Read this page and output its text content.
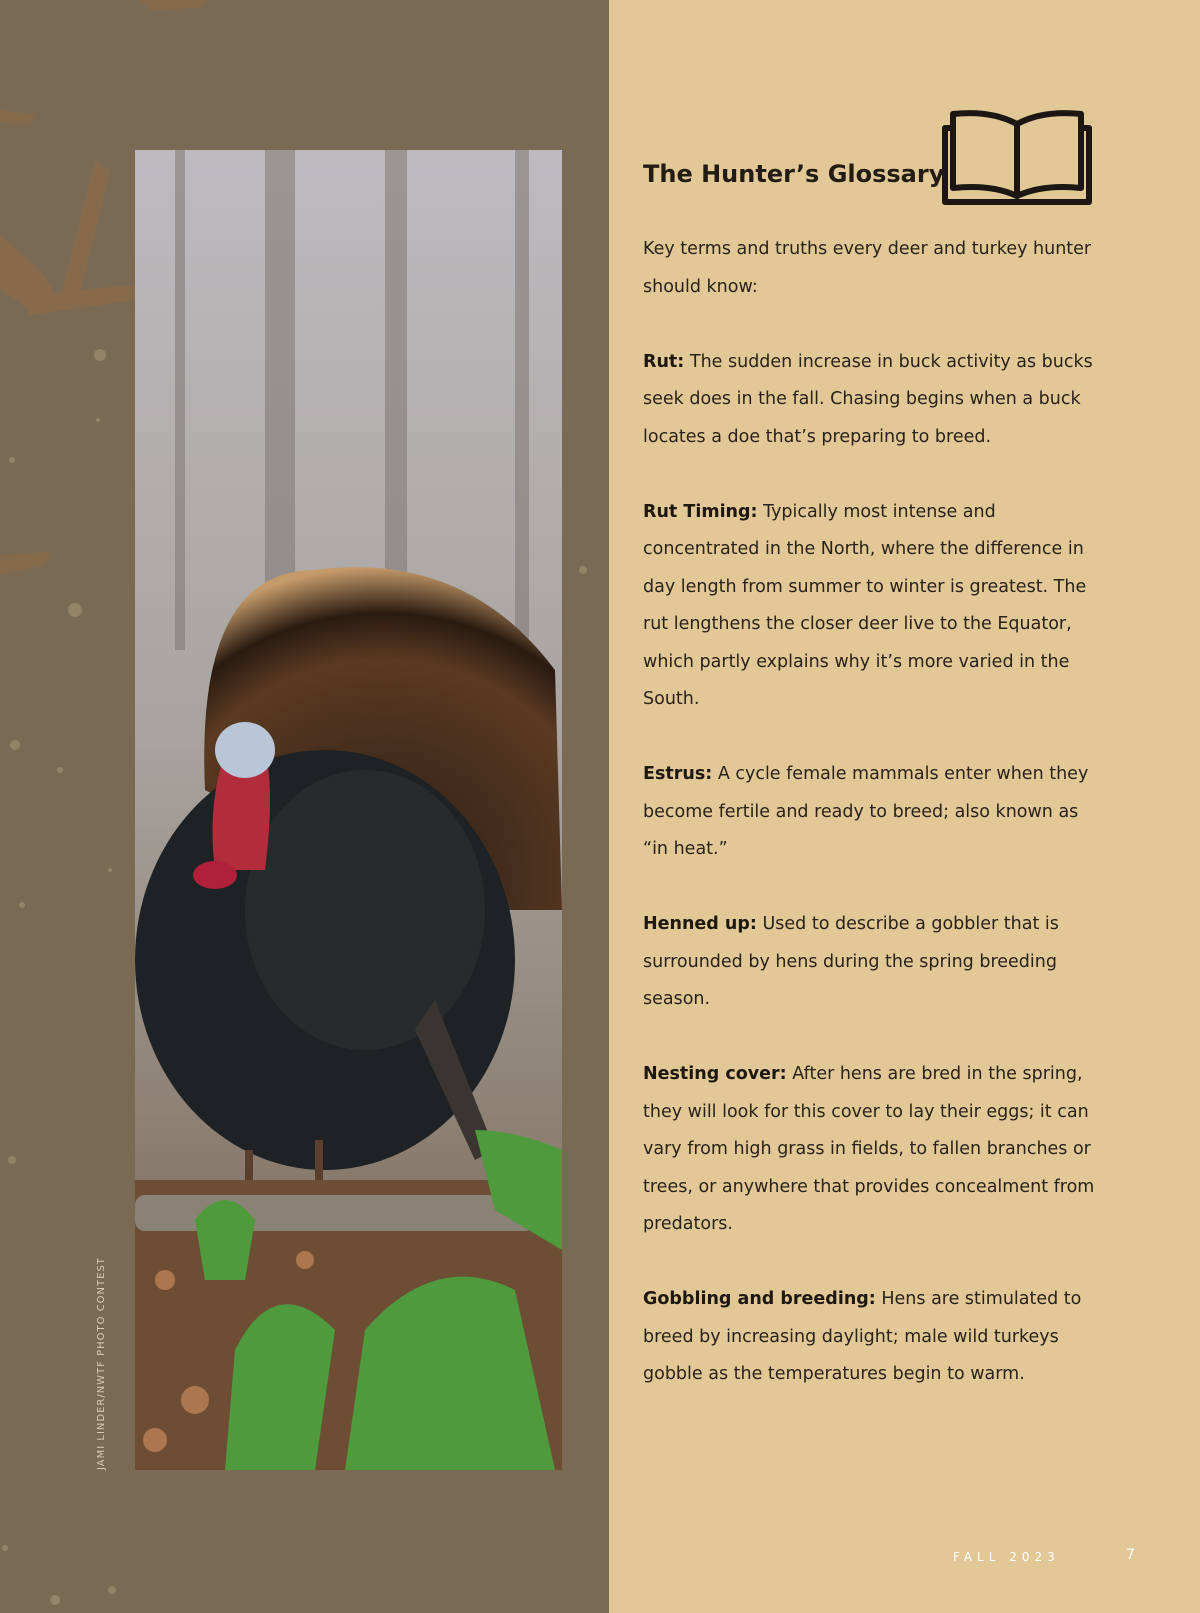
JAMI LINDER/NWTF PHOTO CONTEST
The Hunter’s Glossary

Key terms and truths every deer and turkey hunter should know:

Rut: The sudden increase in buck activity as bucks seek does in the fall. Chasing begins when a buck locates a doe that’s preparing to breed.

Rut Timing: Typically most intense and concentrated in the North, where the difference in day length from summer to winter is greatest. The rut lengthens the closer deer live to the Equator, which partly explains why it’s more varied in the South.

Estrus: A cycle female mammals enter when they become fertile and ready to breed; also known as “in heat.”

Henned up: Used to describe a gobbler that is surrounded by hens during the spring breeding season.

Nesting cover: After hens are bred in the spring, they will look for this cover to lay their eggs; it can vary from high grass in fields, to fallen branches or trees, or anywhere that provides concealment from predators.

Gobbling and breeding: Hens are stimulated to breed by increasing daylight; male wild turkeys gobble as the temperatures begin to warm.

FALL 2023	7
